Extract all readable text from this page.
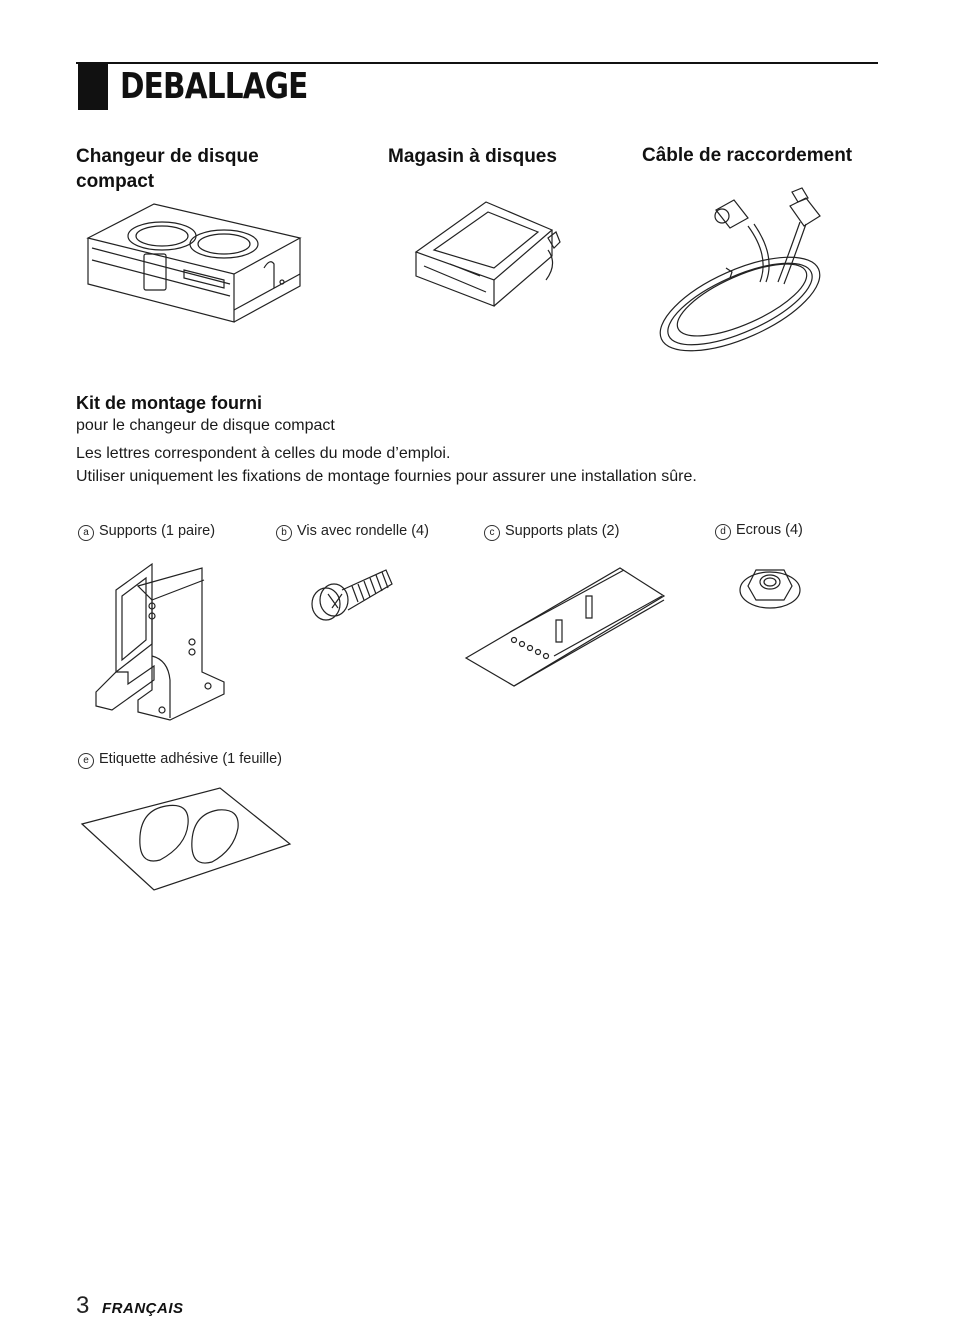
DEBALLAGE
Changeur de disque
compact
Magasin à disques	Câble de raccordement
Kit de montage fourni
pour le changeur de disque compact
Les lettres correspondent à celles du mode d’emploi.
Utiliser uniquement les fixations de montage fournies pour assurer une installation sûre.
a Supports (1 paire)	b Vis avec rondelle (4)	c Supports plats (2)	d Ecrous (4)
e Etiquette adhésive (1 feuille)
3 FRANÇAIS
